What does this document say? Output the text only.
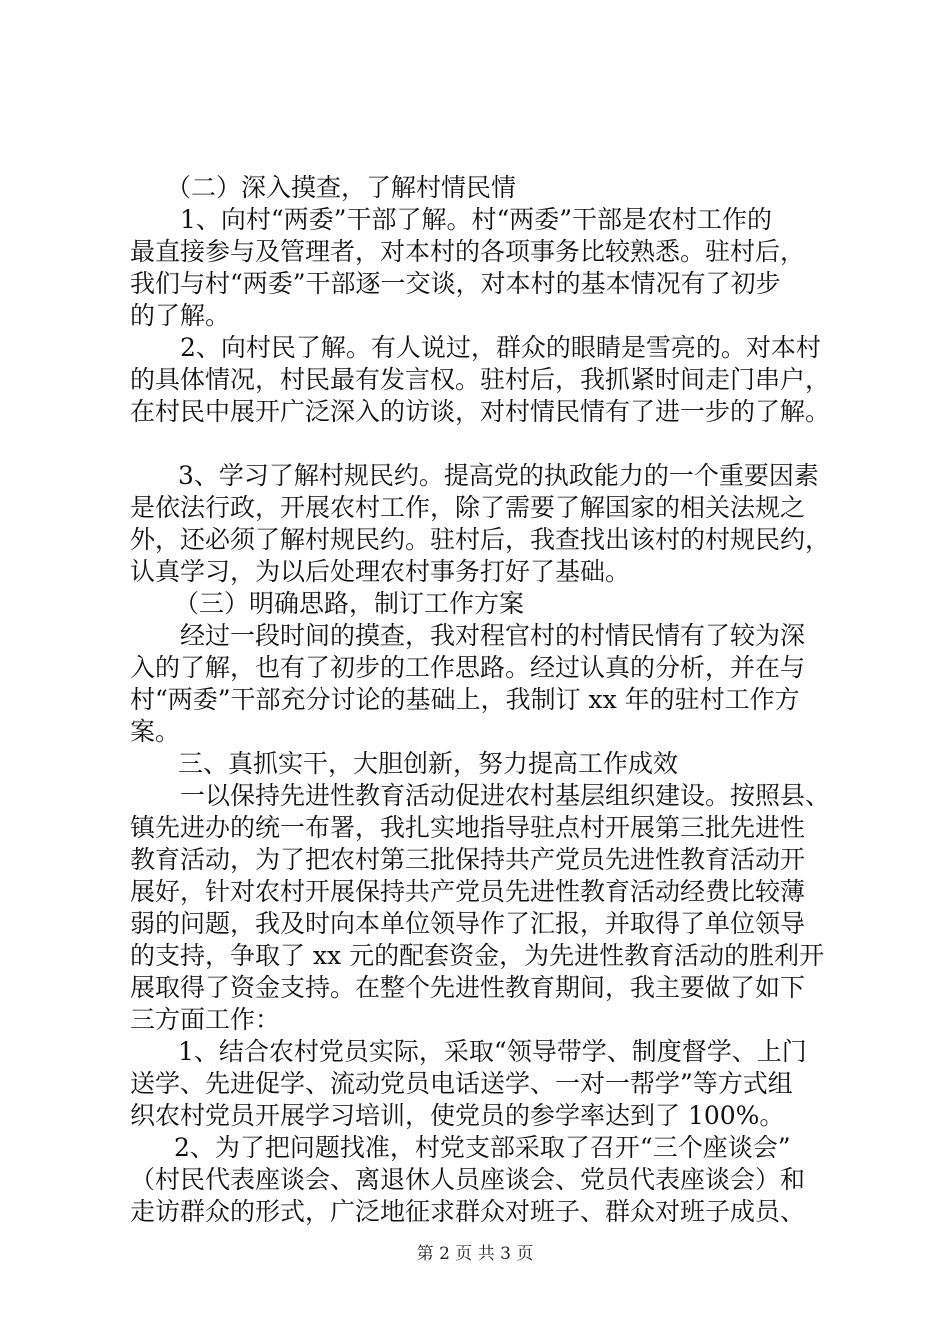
（二）深入摸查，了解村情民情
1、向村“两委”干部了解。村“两委”干部是农村工作的
最直接参与及管理者，对本村的各项事务比较熟悉。驻村后，
我们与村“两委”干部逐一交谈，对本村的基本情况有了初步
的了解。
2、向村民了解。有人说过，群众的眼睛是雪亮的。对本村
的具体情况，村民最有发言权。驻村后，我抓紧时间走门串户，
在村民中展开广泛深入的访谈，对村情民情有了进一步的了解。
3、学习了解村规民约。提高党的执政能力的一个重要因素
是依法行政，开展农村工作，除了需要了解国家的相关法规之
外，还必须了解村规民约。驻村后，我查找出该村的村规民约，
认真学习，为以后处理农村事务打好了基础。
（三）明确思路，制订工作方案
经过一段时间的摸查，我对程官村的村情民情有了较为深
入的了解，也有了初步的工作思路。经过认真的分析，并在与
村“两委”干部充分讨论的基础上，我制订 xx 年的驻村工作方
案。
三、真抓实干，大胆创新，努力提高工作成效
一以保持先进性教育活动促进农村基层组织建设。按照县、
镇先进办的统一布署，我扎实地指导驻点村开展第三批先进性
教育活动，为了把农村第三批保持共产党员先进性教育活动开
展好，针对农村开展保持共产党员先进性教育活动经费比较薄
弱的问题，我及时向本单位领导作了汇报，并取得了单位领导
的支持，争取了 xx 元的配套资金，为先进性教育活动的胜利开
展取得了资金支持。在整个先进性教育期间，我主要做了如下
三方面工作：
1、结合农村党员实际，采取“领导带学、制度督学、上门
送学、先进促学、流动党员电话送学、一对一帮学”等方式组
织农村党员开展学习培训，使党员的参学率达到了 100%。
2、为了把问题找准，村党支部采取了召开“三个座谈会”
（村民代表座谈会、离退休人员座谈会、党员代表座谈会）和
走访群众的形式，广泛地征求群众对班子、群众对班子成员、
第 2 页 共 3 页
